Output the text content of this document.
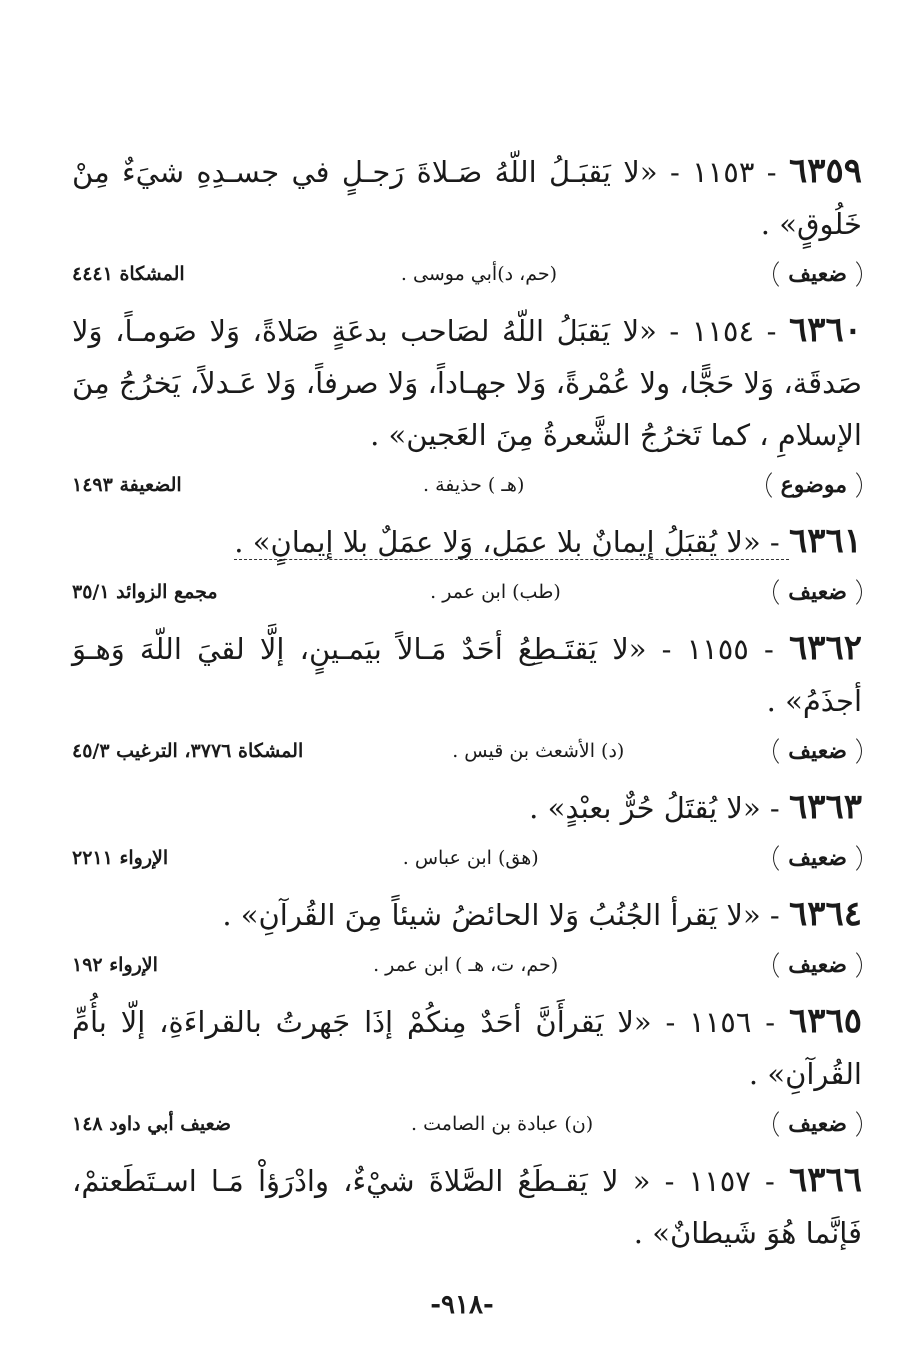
٦٣٥٩ - ١١٥٣ - «لا يَقبَـلُ اللّهُ صَـلاةَ رَجـلٍ في جسـدِهِ شيَءٌ مِنْ خَلُوقٍ» .

ضعيف
(حم، د)أبي موسى .
المشكاة ٤٤٤١

٦٣٦٠ - ١١٥٤ - «لا يَقبَلُ اللّهُ لصَاحب بدعَةٍ صَلاةً، وَلا صَومـاً، وَلا صَدقَة، وَلا حَجًّا، ولا عُمْرةً، وَلا جهـاداً، وَلا صرفاً، وَلا عَـدلاً، يَخرُجُ مِنَ الإسلامِ ، كما تَخرُجُ الشَّعرةُ مِنَ العَجين» .

موضوع
(هـ ) حذيفة .
الضعيفة ١٤٩٣

٦٣٦١ - «لا يُقبَلُ إيمانٌ بلا عمَل، وَلا عمَلٌ بلا إيمانٍ» .

ضعيف
(طب) ابن عمر .
مجمع الزوائد ٣٥/١

٦٣٦٢ - ١١٥٥ - «لا يَقتَـطِعُ أحَدٌ مَـالاً بيَمـينٍ، إلَّا لقيَ اللّهَ وَهـوَ أجذَمُ» .

ضعيف
(د) الأشعث بن قيس .
المشكاة ٣٧٧٦، الترغيب ٤٥/٣

٦٣٦٣ - «لا يُقتَلُ حُرٌّ بعبْدٍ» .

ضعيف
(هق) ابن عباس .
الإرواء ٢٢١١

٦٣٦٤ - «لا يَقرأ الجُنُبُ وَلا الحائضُ شيئاً مِنَ القُرآنِ» .

ضعيف
(حم، ت، هـ ) ابن عمر .
الإرواء ١٩٢

٦٣٦٥ - ١١٥٦ - «لا يَقرأَنَّ أحَدٌ مِنكُمْ إذَا جَهرتُ بالقراءَةِ، إلّا بأُمِّ القُرآنِ» .

ضعيف
(ن) عبادة بن الصامت .
ضعيف أبي داود ١٤٨

٦٣٦٦ - ١١٥٧ - « لا يَقـطَعُ الصَّلاةَ شيْءٌ، وادْرَؤاْ مَـا اسـتَطَعتمْ، فَإنَّما هُوَ شَيطانٌ» .

-٩١٨-
